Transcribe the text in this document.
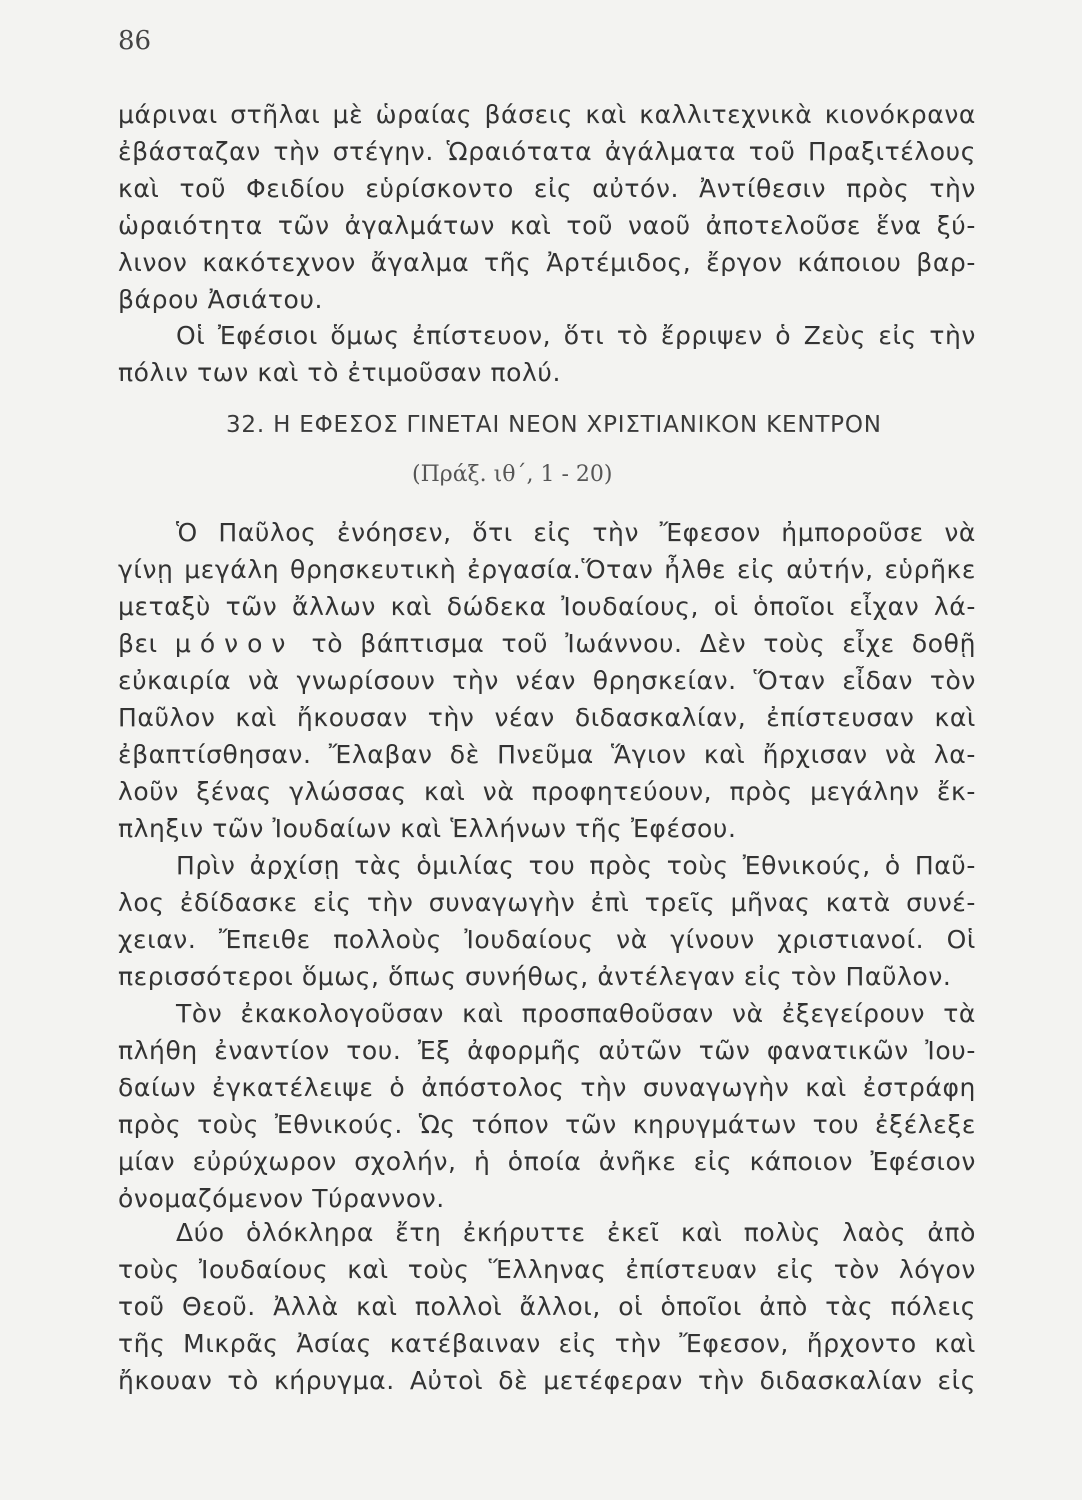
86
μάριναι στῆλαι μὲ ὡραίας βάσεις καὶ καλλιτεχνικὰ κιονόκρανα
ἐβάσταζαν τὴν στέγην. Ὡραιότατα ἀγάλματα τοῦ Πραξιτέλους
καὶ τοῦ Φειδίου εὑρίσκοντο εἰς αὐτόν. Ἀντίθεσιν πρὸς τὴν
ὡραιότητα τῶν ἀγαλμάτων καὶ τοῦ ναοῦ ἀποτελοῦσε ἕνα ξύ-
λινον κακότεχνον ἄγαλμα τῆς Ἀρτέμιδος, ἔργον κάποιου βαρ-
βάρου Ἀσιάτου.
Οἱ Ἐφέσιοι ὅμως ἐπίστευον, ὅτι τὸ ἔρριψεν ὁ Ζεὺς εἰς τὴν
πόλιν των καὶ τὸ ἐτιμοῦσαν πολύ.
32. Η ΕΦΕΣΟΣ ΓΙΝΕΤΑΙ ΝΕΟΝ ΧΡΙΣΤΙΑΝΙΚΟΝ ΚΕΝΤΡΟΝ
(Πράξ. ιθ΄, 1 - 20)
Ὁ Παῦλος ἐνόησεν, ὅτι εἰς τὴν Ἔφεσον ἠμποροῦσε νὰ
γίνῃ μεγάλη θρησκευτικὴ ἐργασία.Ὅταν ἦλθε εἰς αὐτήν, εὑρῆκε
μεταξὺ τῶν ἄλλων καὶ δώδεκα Ἰουδαίους, οἱ ὁποῖοι εἶχαν λά-
βει μόνον τὸ βάπτισμα τοῦ Ἰωάννου. Δὲν τοὺς εἶχε δοθῇ
εὐκαιρία νὰ γνωρίσουν τὴν νέαν θρησκείαν. Ὅταν εἶδαν τὸν
Παῦλον καὶ ἤκουσαν τὴν νέαν διδασκαλίαν, ἐπίστευσαν καὶ
ἐβαπτίσθησαν. Ἔλαβαν δὲ Πνεῦμα Ἅγιον καὶ ἤρχισαν νὰ λα-
λοῦν ξένας γλώσσας καὶ νὰ προφητεύουν, πρὸς μεγάλην ἔκ-
πληξιν τῶν Ἰουδαίων καὶ Ἑλλήνων τῆς Ἐφέσου.
Πρὶν ἀρχίσῃ τὰς ὁμιλίας του πρὸς τοὺς Ἐθνικούς, ὁ Παῦ-
λος ἐδίδασκε εἰς τὴν συναγωγὴν ἐπὶ τρεῖς μῆνας κατὰ συνέ-
χειαν. Ἔπειθε πολλοὺς Ἰουδαίους νὰ γίνουν χριστιανοί. Οἱ
περισσότεροι ὅμως, ὅπως συνήθως, ἀντέλεγαν εἰς τὸν Παῦλον.
Τὸν ἐκακολογοῦσαν καὶ προσπαθοῦσαν νὰ ἐξεγείρουν τὰ
πλήθη ἐναντίον του. Ἐξ ἀφορμῆς αὐτῶν τῶν φανατικῶν Ἰου-
δαίων ἐγκατέλειψε ὁ ἀπόστολος τὴν συναγωγὴν καὶ ἐστράφη
πρὸς τοὺς Ἐθνικούς. Ὡς τόπον τῶν κηρυγμάτων του ἐξέλεξε
μίαν εὐρύχωρον σχολήν, ἡ ὁποία ἀνῆκε εἰς κάποιον Ἐφέσιον
ὀνομαζόμενον Τύραννον.
Δύο ὁλόκληρα ἔτη ἐκήρυττε ἐκεῖ καὶ πολὺς λαὸς ἀπὸ
τοὺς Ἰουδαίους καὶ τοὺς Ἕλληνας ἐπίστευαν εἰς τὸν λόγον
τοῦ Θεοῦ. Ἀλλὰ καὶ πολλοὶ ἄλλοι, οἱ ὁποῖοι ἀπὸ τὰς πόλεις
τῆς Μικρᾶς Ἀσίας κατέβαιναν εἰς τὴν Ἔφεσον, ἤρχοντο καὶ
ἤκουαν τὸ κήρυγμα. Αὐτοὶ δὲ μετέφεραν τὴν διδασκαλίαν εἰς
